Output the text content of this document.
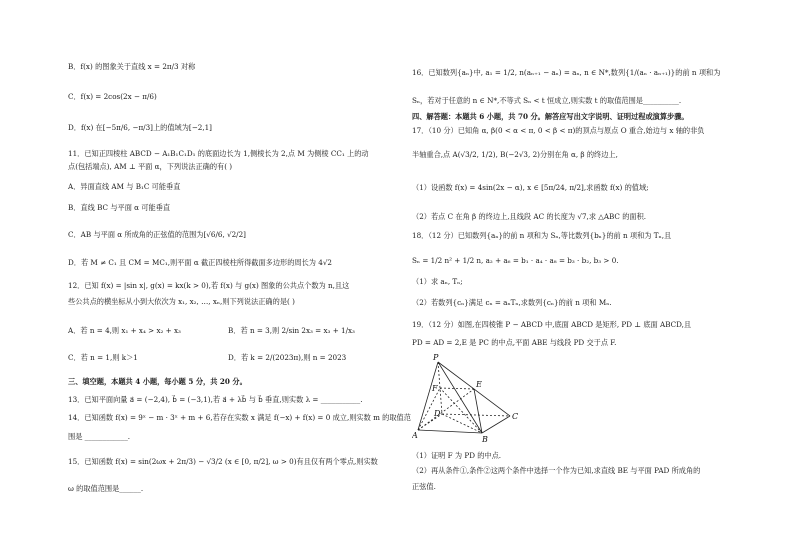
B．f(x) 的图象关于直线 x = 2π/3 对称
C．f(x) = 2cos(2x − π/6)
D．f(x) 在[−5π/6, −π/3]上的值域为[−2,1]
11．已知正四棱柱 ABCD − A₁B₁C₁D₁ 的底面边长为 1,侧棱长为 2,点 M 为侧棱 CC₁ 上的动
点(包括端点), AM ⊥ 平面 α，下列说法正确的有( )
A．异面直线 AM 与 B₁C 可能垂直
B．直线 BC 与平面 α 可能垂直
C．AB 与平面 α 所成角的正弦值的范围为[√6/6, √2/2]
D．若 M ≠ C₁ 且 CM = MC₁,则平面 α 截正四棱柱所得截面多边形的周长为 4√2
12．已知 f(x) = |sin x|, g(x) = kx(k > 0),若 f(x) 与 g(x) 图象的公共点个数为 n,且这
些公共点的横坐标从小到大依次为 x₁, x₂, …, xₙ,则下列说法正确的是( )
A．若 n = 4,则 x₁ + x₄ > x₂ + x₃	B．若 n = 3,则 2/sin 2x₃ = x₃ + 1/x₃
C．若 n = 1,则 k＞1	D．若 k = 2/(2023π),则 n = 2023
三、填空题，本题共 4 小题，每小题 5 分，共 20 分。
13．已知平面向量 a⃗ = (−2,4), b⃗ = (−3,1),若 a⃗ + λb⃗ 与 b⃗ 垂直,则实数 λ = ___________.
14．已知函数 f(x) = 9ˣ − m · 3ˣ + m + 6,若存在实数 x 满足 f(−x) + f(x) = 0 成立,则实数 m 的取值范
围是 ____________.
15．已知函数 f(x) = sin(2ωx + 2π/3) − √3/2 (x ∈ [0, π/2], ω > 0)有且仅有两个零点,则实数
ω 的取值范围是______.
16．已知数列{aₙ}中, a₁ = 1/2, n(aₙ₊₁ − aₙ) = aₙ, n ∈ N*,数列{1/(aₙ · aₙ₊₁)}的前 n 项和为
Sₙ，若对于任意的 n ∈ N*,不等式 Sₙ < t 恒成立,则实数 t 的取值范围是__________.
四、解答题：本题共 6 小题，共 70 分。解答应写出文字说明、证明过程或演算步骤。
17．（10 分）已知角 α, β(0 < α < π, 0 < β < π)的顶点与原点 O 重合,始边与 x 轴的非负
半轴重合,点 A(√3/2, 1/2), B(−2√3, 2)分别在角 α, β 的终边上,
（1）设函数 f(x) = 4sin(2x − α), x ∈ [5π/24, π/2],求函数 f(x) 的值域;
（2）若点 C 在角 β 的终边上,且线段 AC 的长度为 √7,求 △ABC 的面积.
18．（12 分）已知数列{aₙ}的前 n 项和为 Sₙ,等比数列{bₙ}的前 n 项和为 Tₙ,且
Sₙ = 1/2 n² + 1/2 n, a₂ + a₆ = b₁ · a₄ · a₈ = b₃ · b₂, b₃ > 0.
（1）求 aₙ, Tₙ;
（2）若数列{cₙ}满足 cₙ = aₙTₙ,求数列{cₙ}的前 n 项和 Mₙ.
19．（12 分）如图,在四棱锥 P − ABCD 中,底面 ABCD 是矩形, PD ⊥ 底面 ABCD,且
PD = AD = 2,E 是 PC 的中点,平面 ABE 与线段 PD 交于点 F.
（1）证明 F 为 PD 的中点.
（2）再从条件①,条件②这两个条件中选择一个作为已知,求直线 BE 与平面 PAD 所成角的
正弦值.
P
E
F
D	C
A	B
